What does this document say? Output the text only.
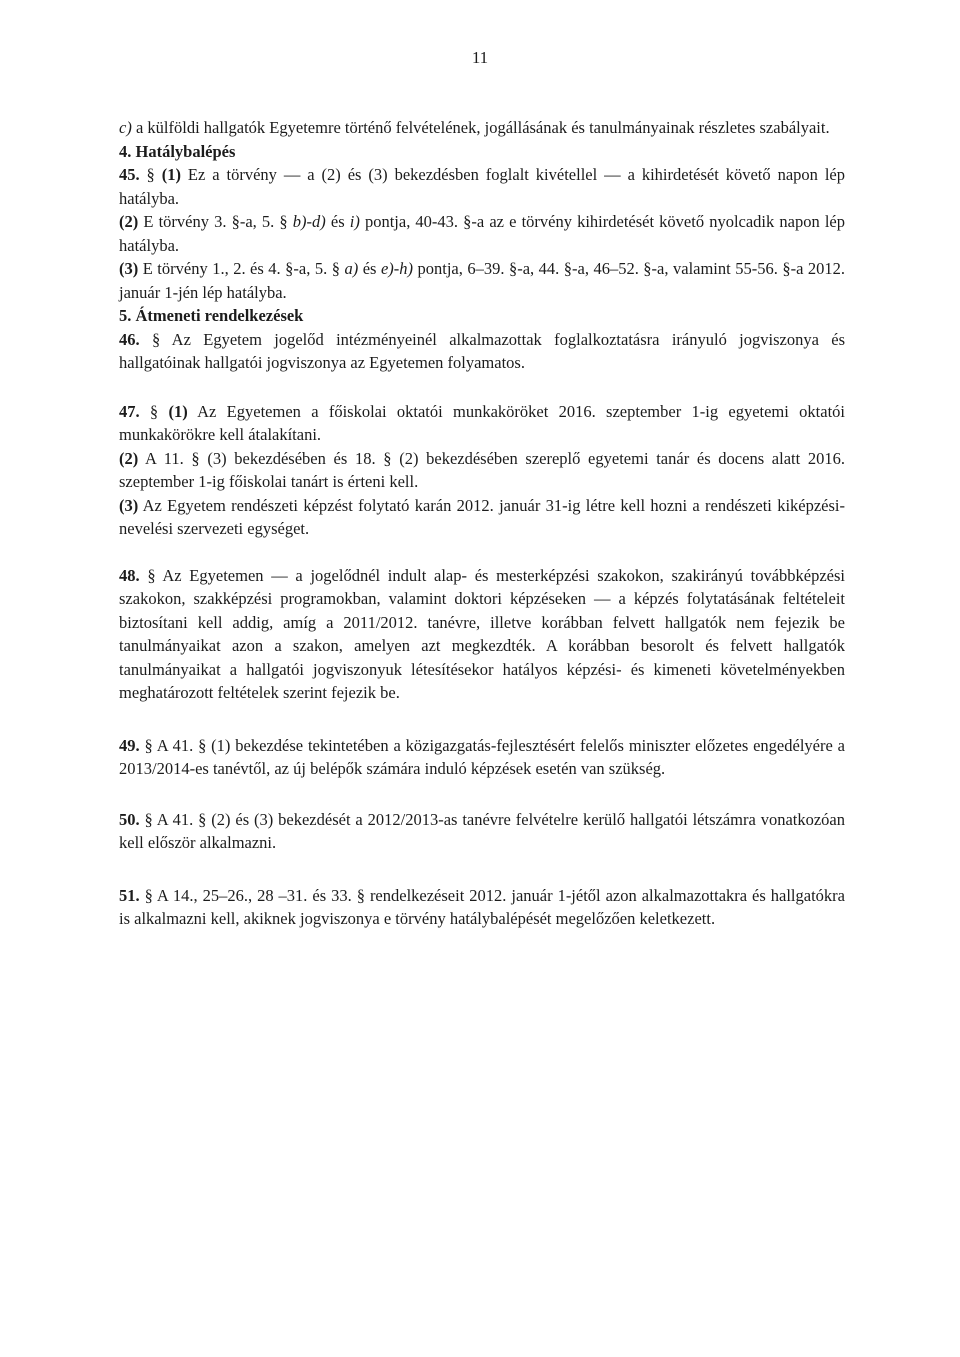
11

c) a külföldi hallgatók Egyetemre történő felvételének, jogállásának és tanulmányainak részletes szabályait.

4. Hatálybalépés

45. § (1) Ez a törvény — a (2) és (3) bekezdésben foglalt kivétellel — a kihirdetését követő napon lép hatályba.

(2) E törvény 3. §-a, 5. § b)-d) és i) pontja, 40-43. §-a az e törvény kihirdetését követő nyolcadik napon lép hatályba.

(3) E törvény 1., 2. és 4. §-a, 5. § a) és e)-h) pontja, 6–39. §-a, 44. §-a, 46–52. §-a, valamint 55-56. §-a 2012. január 1-jén lép hatályba.

5. Átmeneti rendelkezések

46. § Az Egyetem jogelőd intézményeinél alkalmazottak foglalkoztatásra irányuló jogviszonya és hallgatóinak hallgatói jogviszonya az Egyetemen folyamatos.

47. § (1) Az Egyetemen a főiskolai oktatói munkaköröket 2016. szeptember 1-ig egyetemi oktatói munkakörökre kell átalakítani.

(2) A 11. § (3) bekezdésében és 18. § (2) bekezdésében szereplő egyetemi tanár és docens alatt 2016. szeptember 1-ig főiskolai tanárt is érteni kell.

(3) Az Egyetem rendészeti képzést folytató karán 2012. január 31-ig létre kell hozni a rendészeti kiképzési-nevelési szervezeti egységet.

48. § Az Egyetemen — a jogelődnél indult alap- és mesterképzési szakokon, szakirányú továbbképzési szakokon, szakképzési programokban, valamint doktori képzéseken — a képzés folytatásának feltételeit biztosítani kell addig, amíg a 2011/2012. tanévre, illetve korábban felvett hallgatók nem fejezik be tanulmányaikat azon a szakon, amelyen azt megkezdték. A korábban besorolt és felvett hallgatók tanulmányaikat a hallgatói jogviszonyuk létesítésekor hatályos képzési- és kimeneti követelményekben meghatározott feltételek szerint fejezik be.

49. § A 41. § (1) bekezdése tekintetében a közigazgatás-fejlesztésért felelős miniszter előzetes engedélyére a 2013/2014-es tanévtől, az új belépők számára induló képzések esetén van szükség.

50. § A 41. § (2) és (3) bekezdését a 2012/2013-as tanévre felvételre kerülő hallgatói létszámra vonatkozóan kell először alkalmazni.

51. § A 14., 25–26., 28 –31. és 33. § rendelkezéseit 2012. január 1-jétől azon alkalmazottakra és hallgatókra is alkalmazni kell, akiknek jogviszonya e törvény hatálybalépését megelőzően keletkezett.
